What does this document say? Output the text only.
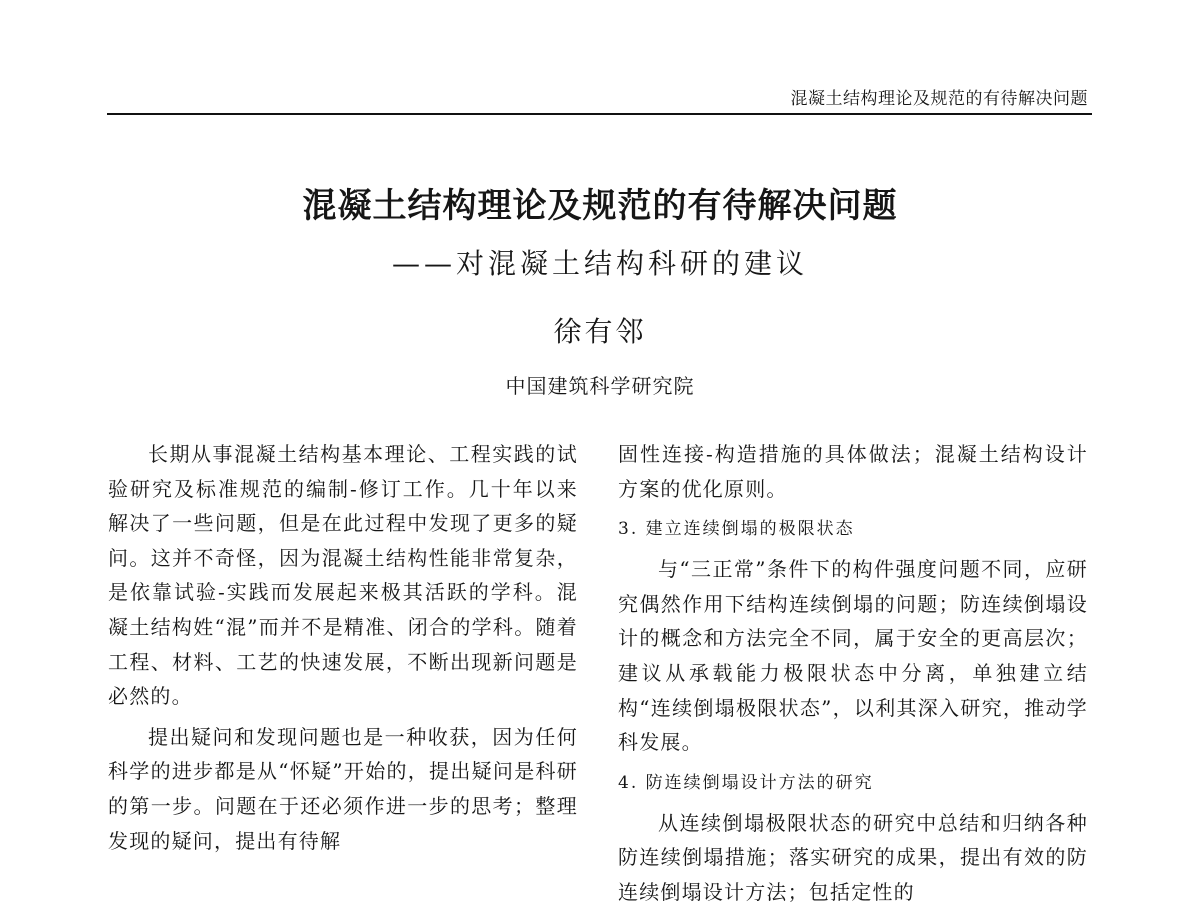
混凝土结构理论及规范的有待解决问题
混凝土结构理论及规范的有待解决问题
——对混凝土结构科研的建议
徐有邻
中国建筑科学研究院

长期从事混凝土结构基本理论、工程实践的试验研究及标准规范的编制-修订工作。几十年以来解决了一些问题，但是在此过程中发现了更多的疑问。这并不奇怪，因为混凝土结构性能非常复杂，是依靠试验-实践而发展起来极其活跃的学科。混凝土结构姓“混”而并不是精准、闭合的学科。随着工程、材料、工艺的快速发展，不断出现新问题是必然的。

提出疑问和发现问题也是一种收获，因为任何科学的进步都是从“怀疑”开始的，提出疑问是科研的第一步。问题在于还必须作进一步的思考；整理发现的疑问，提出有待解

固性连接-构造措施的具体做法；混凝土结构设计方案的优化原则。

3. 建立连续倒塌的极限状态

与“三正常”条件下的构件强度问题不同，应研究偶然作用下结构连续倒塌的问题；防连续倒塌设计的概念和方法完全不同，属于安全的更高层次；建议从承载能力极限状态中分离，单独建立结构“连续倒塌极限状态”，以利其深入研究，推动学科发展。

4. 防连续倒塌设计方法的研究

从连续倒塌极限状态的研究中总结和归纳各种防连续倒塌措施；落实研究的成果，提出有效的防连续倒塌设计方法；包括定性的
